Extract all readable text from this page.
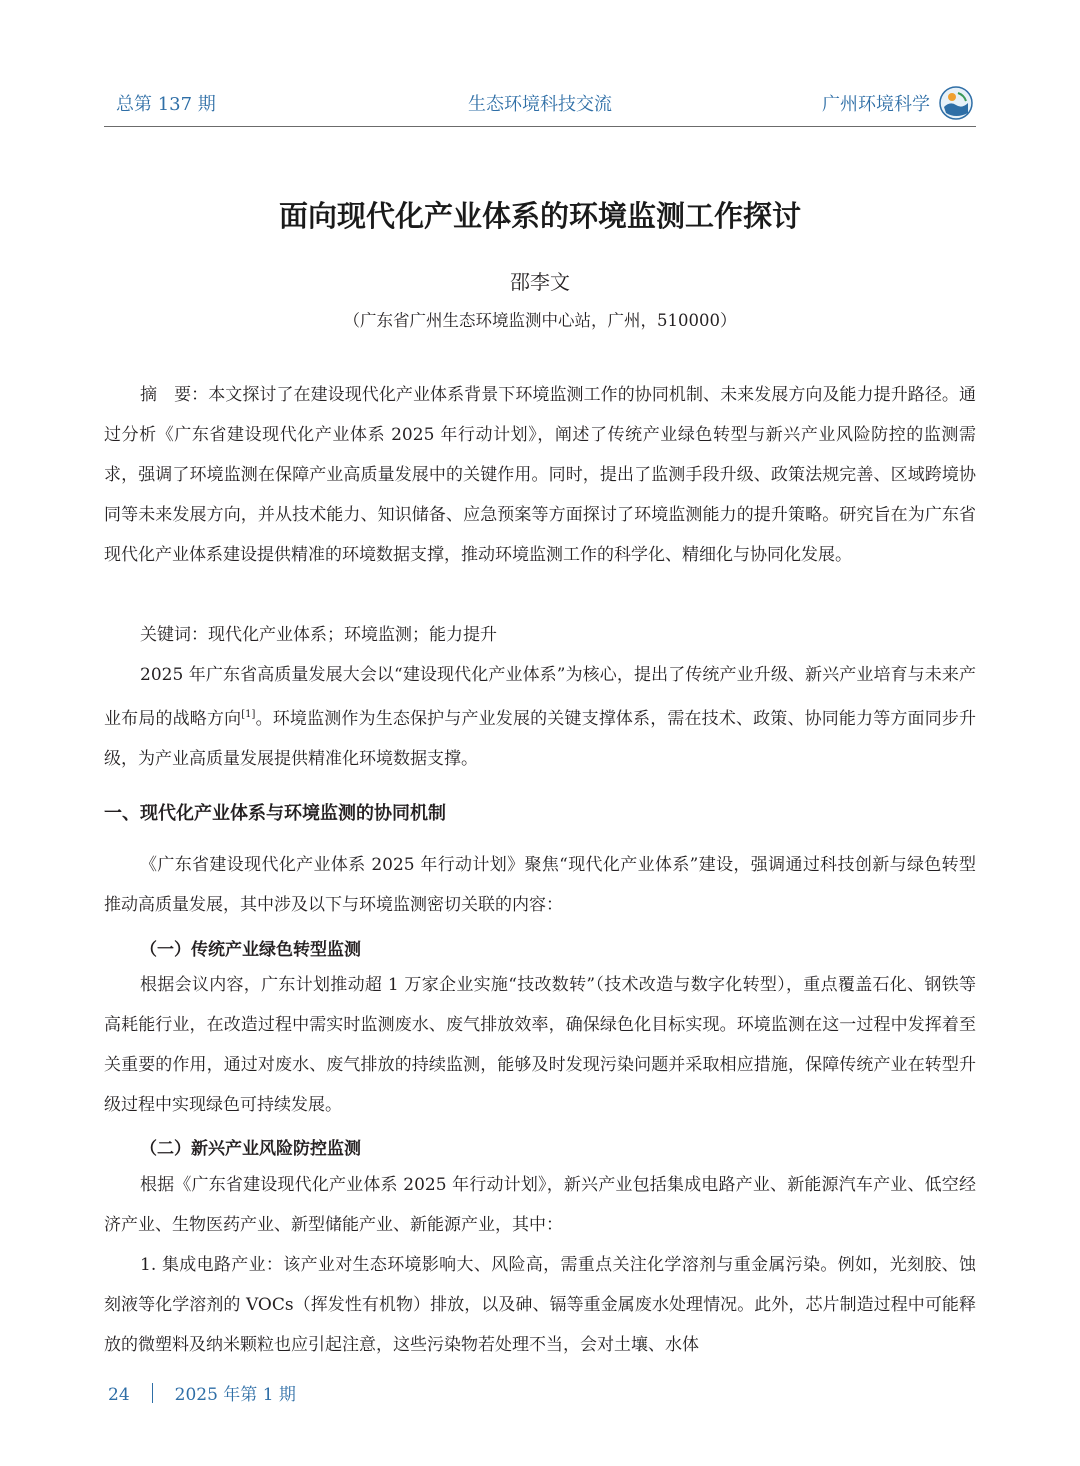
总第 137 期	生态环境科技交流	广州环境科学
面向现代化产业体系的环境监测工作探讨
邵李文
（广东省广州生态环境监测中心站，广州，510000）

摘　要：本文探讨了在建设现代化产业体系背景下环境监测工作的协同机制、未来发展方向及能力提升路径。通过分析《广东省建设现代化产业体系 2025 年行动计划》，阐述了传统产业绿色转型与新兴产业风险防控的监测需求，强调了环境监测在保障产业高质量发展中的关键作用。同时，提出了监测手段升级、政策法规完善、区域跨境协同等未来发展方向，并从技术能力、知识储备、应急预案等方面探讨了环境监测能力的提升策略。研究旨在为广东省现代化产业体系建设提供精准的环境数据支撑，推动环境监测工作的科学化、精细化与协同化发展。

关键词：现代化产业体系；环境监测；能力提升

2025 年广东省高质量发展大会以“建设现代化产业体系”为核心，提出了传统产业升级、新兴产业培育与未来产业布局的战略方向[1]。环境监测作为生态保护与产业发展的关键支撑体系，需在技术、政策、协同能力等方面同步升级，为产业高质量发展提供精准化环境数据支撑。

一、现代化产业体系与环境监测的协同机制

《广东省建设现代化产业体系 2025 年行动计划》聚焦“现代化产业体系”建设，强调通过科技创新与绿色转型推动高质量发展，其中涉及以下与环境监测密切关联的内容：

（一）传统产业绿色转型监测

根据会议内容，广东计划推动超 1 万家企业实施“技改数转”（技术改造与数字化转型），重点覆盖石化、钢铁等高耗能行业，在改造过程中需实时监测废水、废气排放效率，确保绿色化目标实现。环境监测在这一过程中发挥着至关重要的作用，通过对废水、废气排放的持续监测，能够及时发现污染问题并采取相应措施，保障传统产业在转型升级过程中实现绿色可持续发展。

（二）新兴产业风险防控监测

根据《广东省建设现代化产业体系 2025 年行动计划》，新兴产业包括集成电路产业、新能源汽车产业、低空经济产业、生物医药产业、新型储能产业、新能源产业，其中：

1. 集成电路产业：该产业对生态环境影响大、风险高，需重点关注化学溶剂与重金属污染。例如，光刻胶、蚀刻液等化学溶剂的 VOCs（挥发性有机物）排放，以及砷、镉等重金属废水处理情况。此外，芯片制造过程中可能释放的微塑料及纳米颗粒也应引起注意，这些污染物若处理不当，会对土壤、水体

24	2025 年第 1 期
